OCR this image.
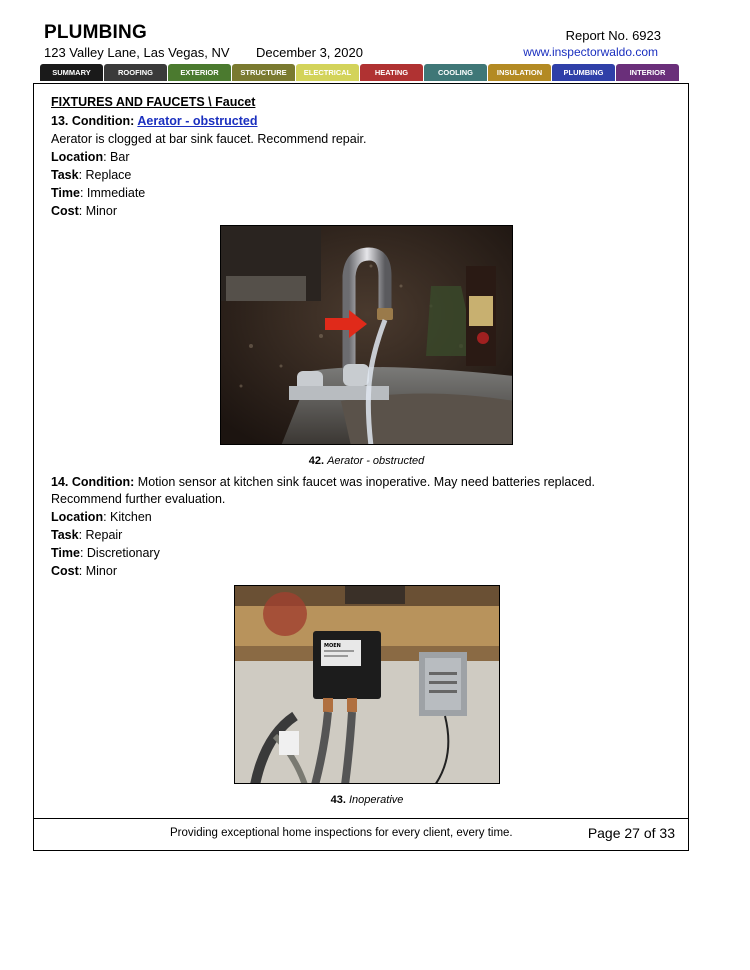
PLUMBING
123 Valley Lane, Las Vegas, NV December 3, 2020
Report No. 6923
www.inspectorwaldo.com
SUMMARY	ROOFING	EXTERIOR	STRUCTURE	ELECTRICAL	HEATING	COOLING	INSULATION	PLUMBING	INTERIOR
FIXTURES AND FAUCETS \ Faucet
13. Condition: Aerator - obstructed
Aerator is clogged at bar sink faucet. Recommend repair.
Location: Bar
Task: Replace
Time: Immediate
Cost: Minor
42. Aerator - obstructed
14. Condition: Motion sensor at kitchen sink faucet was inoperative. May need batteries replaced.
Recommend further evaluation.
Location: Kitchen
Task: Repair
Time: Discretionary
Cost: Minor
MOEN
43. Inoperative
Providing exceptional home inspections for every client, every time.	Page 27 of 33
